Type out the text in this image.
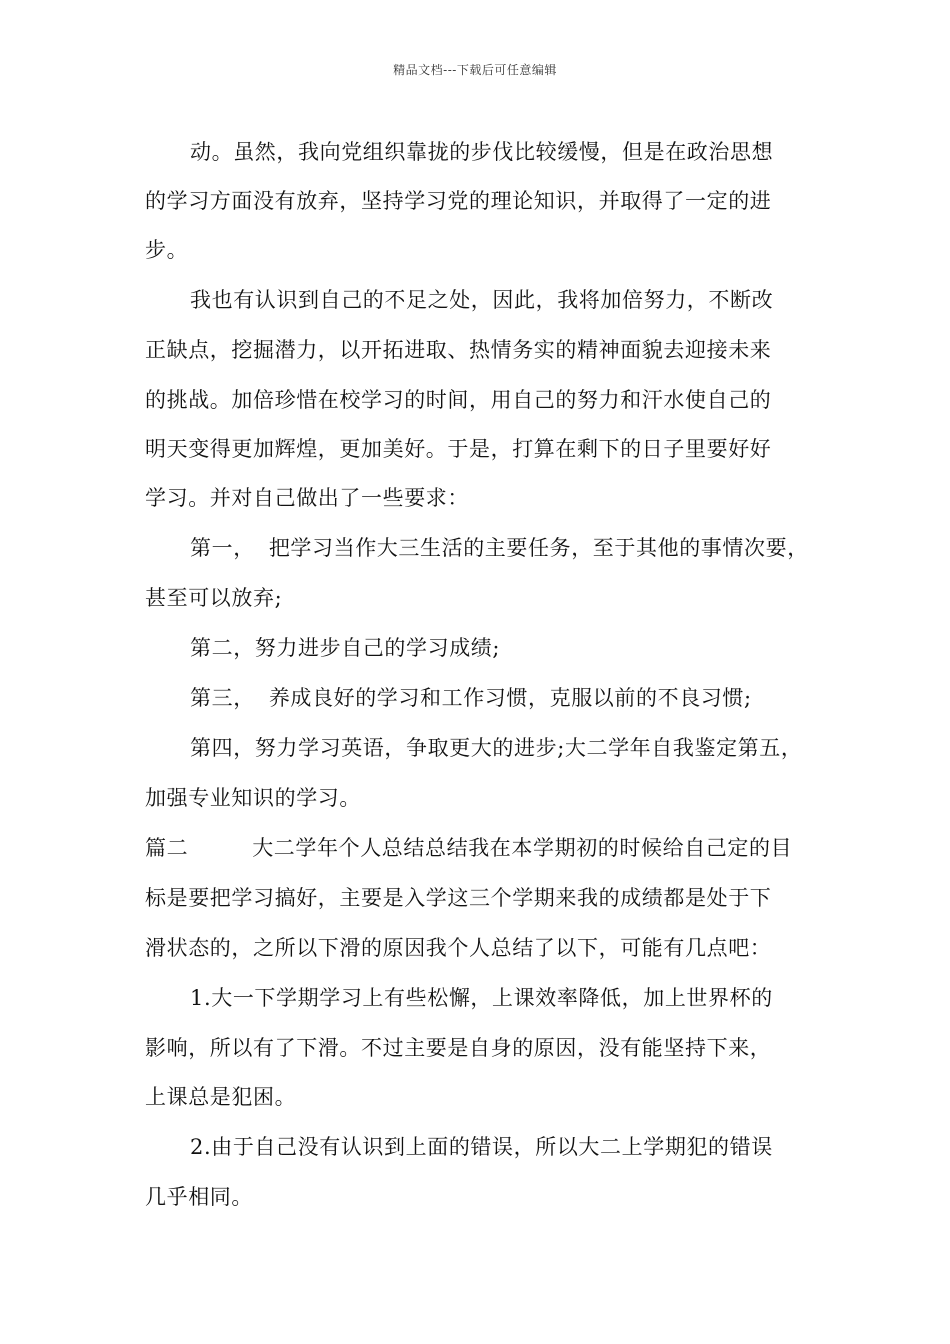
精品文档---下载后可任意编辑
动。虽然，我向党组织靠拢的步伐比较缓慢，但是在政治思想
的学习方面没有放弃，坚持学习党的理论知识，并取得了一定的进
步。
我也有认识到自己的不足之处，因此，我将加倍努力，不断改
正缺点，挖掘潜力，以开拓进取、热情务实的精神面貌去迎接未来
的挑战。加倍珍惜在校学习的时间，用自己的努力和汗水使自己的
明天变得更加辉煌，更加美好。于是，打算在剩下的日子里要好好
学习。并对自己做出了一些要求：
第一， 把学习当作大三生活的主要任务，至于其他的事情次要，
甚至可以放弃;
第二，努力进步自己的学习成绩;
第三， 养成良好的学习和工作习惯，克服以前的不良习惯;
第四，努力学习英语，争取更大的进步;大二学年自我鉴定第五，
加强专业知识的学习。
篇二	大二学年个人总结总结我在本学期初的时候给自己定的目
标是要把学习搞好，主要是入学这三个学期来我的成绩都是处于下
滑状态的，之所以下滑的原因我个人总结了以下，可能有几点吧：
1.大一下学期学习上有些松懈，上课效率降低，加上世界杯的
影响，所以有了下滑。不过主要是自身的原因，没有能坚持下来，
上课总是犯困。
2.由于自己没有认识到上面的错误，所以大二上学期犯的错误
几乎相同。
